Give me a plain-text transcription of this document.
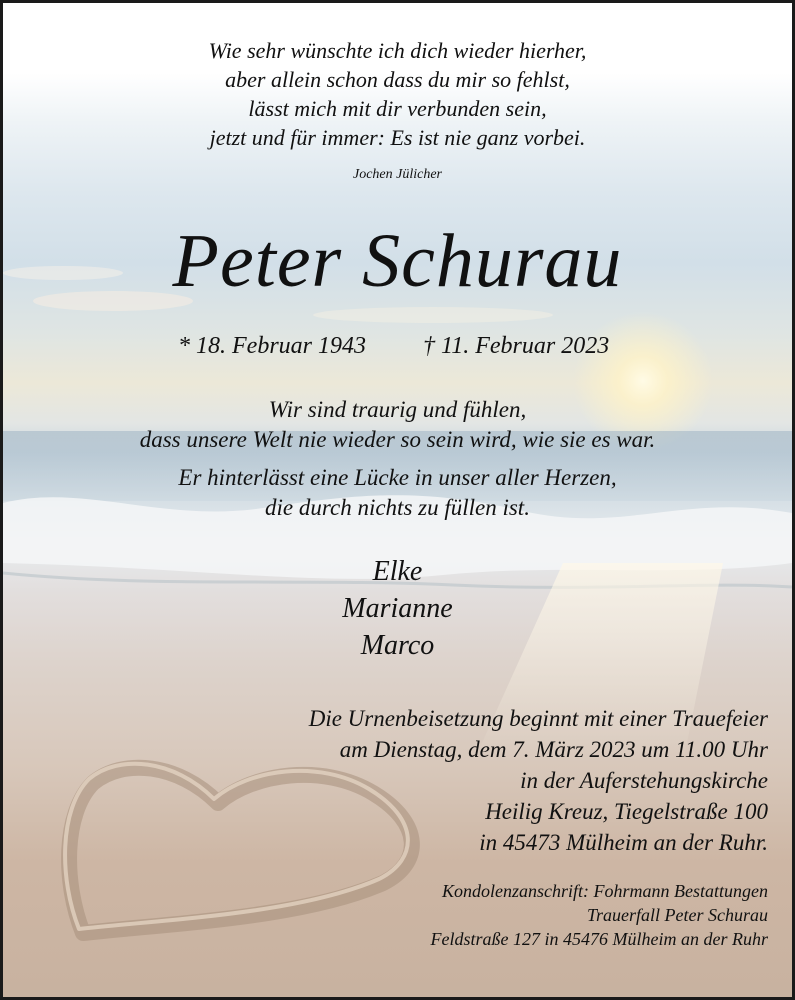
Wie sehr wünschte ich dich wieder hierher,
aber allein schon dass du mir so fehlst,
lässt mich mit dir verbunden sein,
jetzt und für immer: Es ist nie ganz vorbei.
Jochen Jülicher
Peter Schurau
* 18. Februar 1943 † 11. Februar 2023
Wir sind traurig und fühlen,
dass unsere Welt nie wieder so sein wird, wie sie es war.
Er hinterlässt eine Lücke in unser aller Herzen,
die durch nichts zu füllen ist.
Elke
Marianne
Marco
Die Urnenbeisetzung beginnt mit einer Trauefeier
am Dienstag, dem 7. März 2023 um 11.00 Uhr
in der Auferstehungskirche
Heilig Kreuz, Tiegelstraße 100
in 45473 Mülheim an der Ruhr.
Kondolenzanschrift: Fohrmann Bestattungen
Trauerfall Peter Schurau
Feldstraße 127 in 45476 Mülheim an der Ruhr
